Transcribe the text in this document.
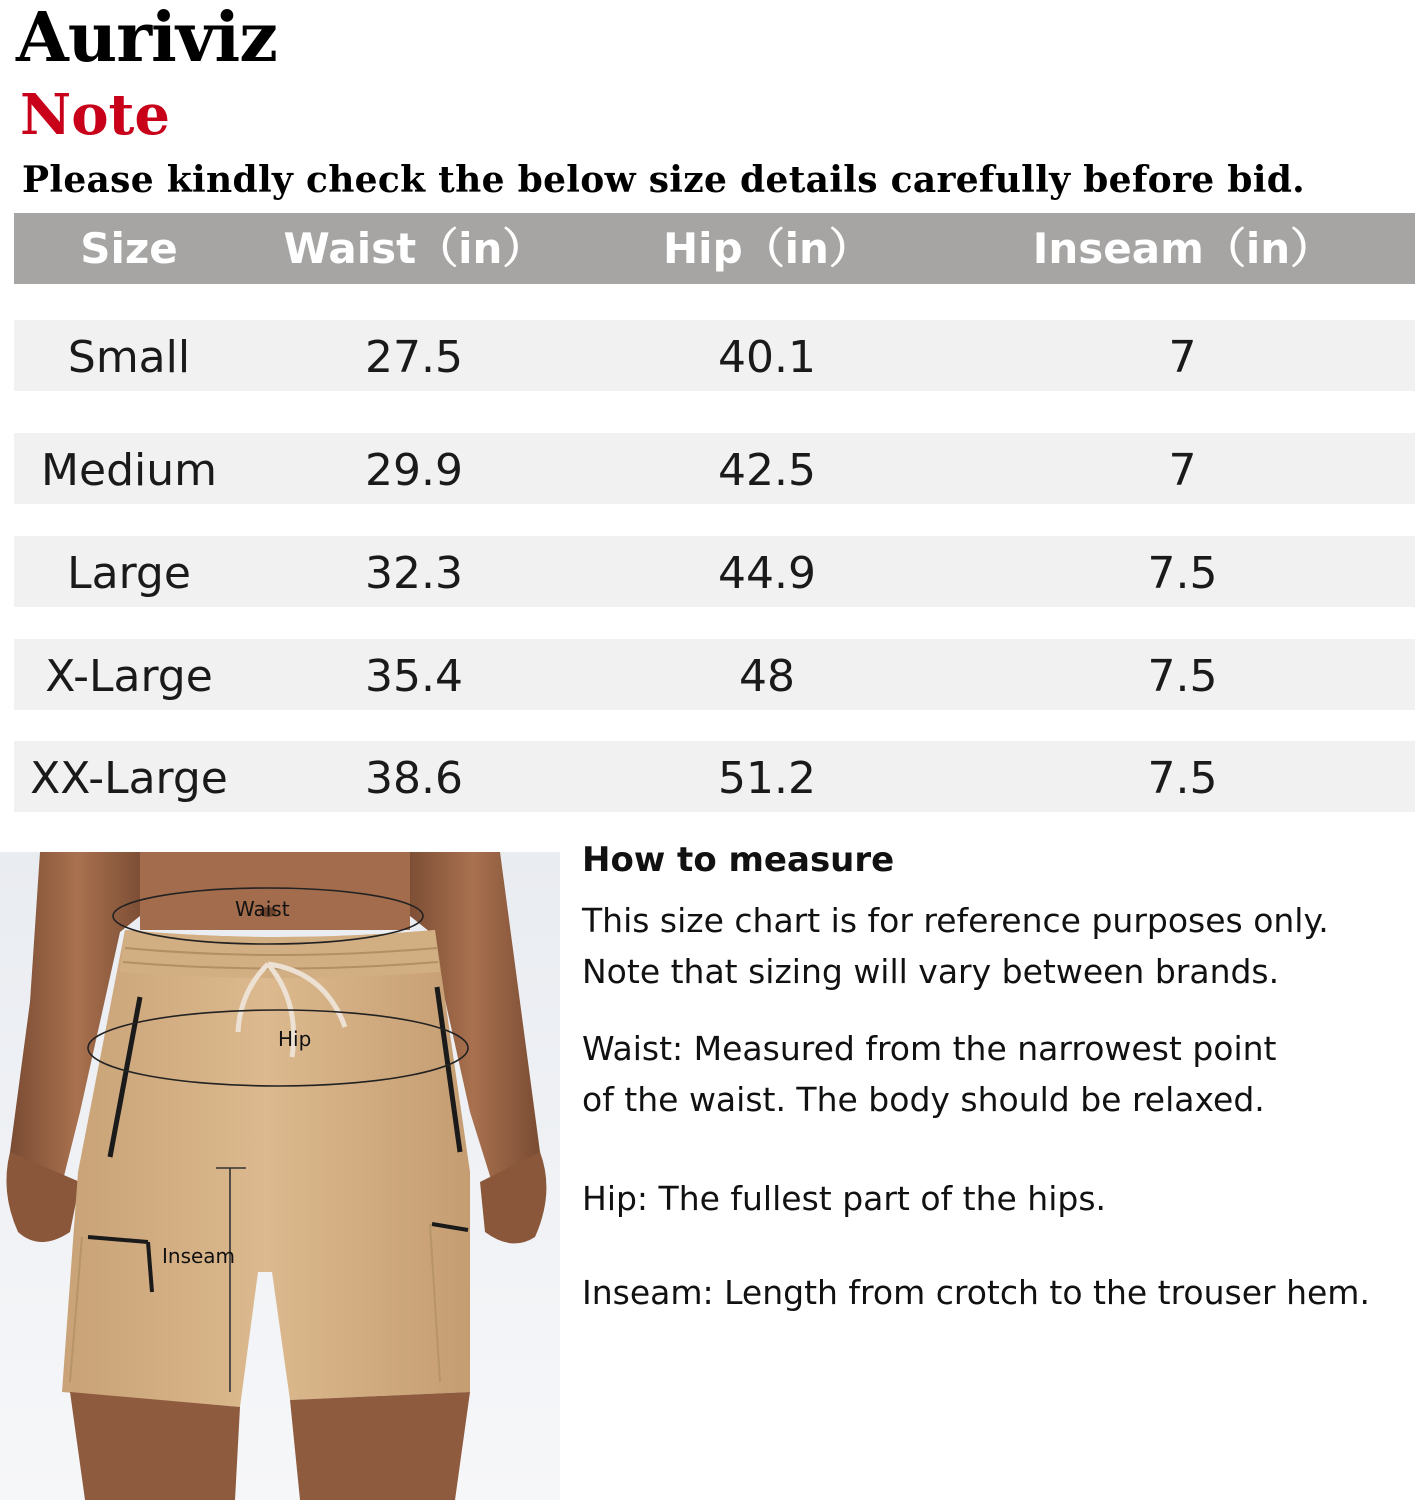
Auriviz
Note
Please kindly check the below size details carefully before bid.
Size	Waist（in）	Hip（in）	Inseam（in）
Small	27.5	40.1	7
Medium	29.9	42.5	7
Large	32.3	44.9	7.5
X-Large	35.4	48	7.5
XX-Large	38.6	51.2	7.5
Waist
Hip
Inseam
How to measure
This size chart is for reference purposes only.
Note that sizing will vary between brands.
Waist: Measured from the narrowest point
of the waist. The body should be relaxed.
Hip: The fullest part of the hips.
Inseam: Length from crotch to the trouser hem.
